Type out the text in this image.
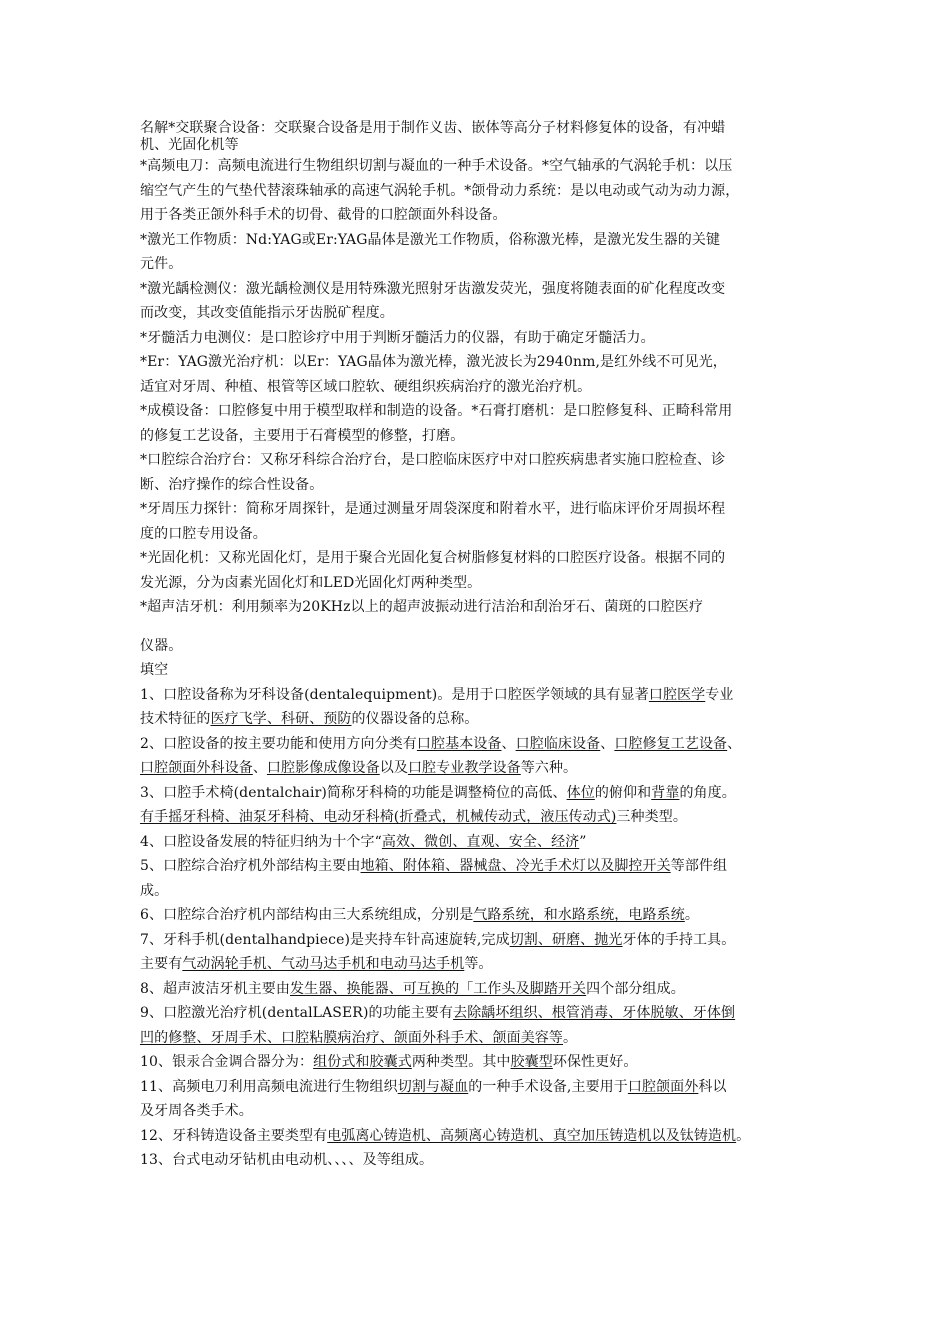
名解*交联聚合设备：交联聚合设备是用于制作义齿、嵌体等高分子材料修复体的设备，有冲蜡

机、光固化机等

*高频电刀：高频电流进行生物组织切割与凝血的一种手术设备。*空气轴承的气涡轮手机：以压

缩空气产生的气垫代替滚珠轴承的高速气涡轮手机。*颌骨动力系统：是以电动或气动为动力源，

用于各类正颌外科手术的切骨、截骨的口腔颌面外科设备。

*激光工作物质：Nd:YAG或Er:YAG晶体是激光工作物质，俗称激光棒，是激光发生器的关键

元件。

*激光龋检测仪：激光龋检测仪是用特殊激光照射牙齿激发荧光，强度将随表面的矿化程度改变

而改变，其改变值能指示牙齿脱矿程度。

*牙髓活力电测仪：是口腔诊疗中用于判断牙髓活力的仪器，有助于确定牙髓活力。

*Er：YAG激光治疗机：以Er：YAG晶体为激光棒，激光波长为2940nm,是红外线不可见光，

适宜对牙周、种植、根管等区域口腔软、硬组织疾病治疗的激光治疗机。

*成模设备：口腔修复中用于模型取样和制造的设备。*石膏打磨机：是口腔修复科、正畸科常用

的修复工艺设备，主要用于石膏模型的修整，打磨。

*口腔综合治疗台：又称牙科综合治疗台，是口腔临床医疗中对口腔疾病患者实施口腔检查、诊

断、治疗操作的综合性设备。

*牙周压力探针：简称牙周探针，是通过测量牙周袋深度和附着水平，进行临床评价牙周损坏程

度的口腔专用设备。

*光固化机：又称光固化灯，是用于聚合光固化复合树脂修复材料的口腔医疗设备。根据不同的

发光源，分为卤素光固化灯和LED光固化灯两种类型。

*超声洁牙机：利用频率为20KHz以上的超声波振动进行洁治和刮治牙石、菌斑的口腔医疗

仪器。

填空

1、口腔设备称为牙科设备(dentalequipment)。是用于口腔医学领域的具有显著口腔医学专业

技术特征的医疗飞学、科研、预防的仪器设备的总称。

2、口腔设备的按主要功能和使用方向分类有口腔基本设备、口腔临床设备、口腔修复工艺设备、

口腔颌面外科设备、口腔影像成像设备以及口腔专业教学设备等六种。

3、口腔手术椅(dentalchair)简称牙科椅的功能是调整椅位的高低、体位的俯仰和背靠的角度。

有手摇牙科椅、油泵牙科椅、电动牙科椅(折叠式，机械传动式，液压传动式)三种类型。

4、口腔设备发展的特征归纳为十个字“高效、微创、直观、安全、经济”

5、口腔综合治疗机外部结构主要由地箱、附体箱、器械盘、冷光手术灯以及脚控开关等部件组

成。

6、口腔综合治疗机内部结构由三大系统组成，分别是气路系统，和水路系统，电路系统。

7、牙科手机(dentalhandpiece)是夹持车针高速旋转,完成切割、研磨、抛光牙体的手持工具。

主要有气动涡轮手机、气动马达手机和电动马达手机等。

8、超声波洁牙机主要由发生器、换能器、可互换的「工作头及脚踏开关四个部分组成。

9、口腔激光治疗机(dentalLASER)的功能主要有去除龋坏组织、根管消毒、牙体脱敏、牙体倒

凹的修整、牙周手术、口腔粘膜病治疗、颌面外科手术、颌面美容等。

10、银汞合金调合器分为：组份式和胶囊式两种类型。其中胶囊型环保性更好。

11、高频电刀利用高频电流进行生物组织切割与凝血的一种手术设备,主要用于口腔颌面外科以

及牙周各类手术。

12、牙科铸造设备主要类型有电弧离心铸造机、高频离心铸造机、真空加压铸造机以及钛铸造机。

13、台式电动牙钻机由电动机、、、、及等组成。
